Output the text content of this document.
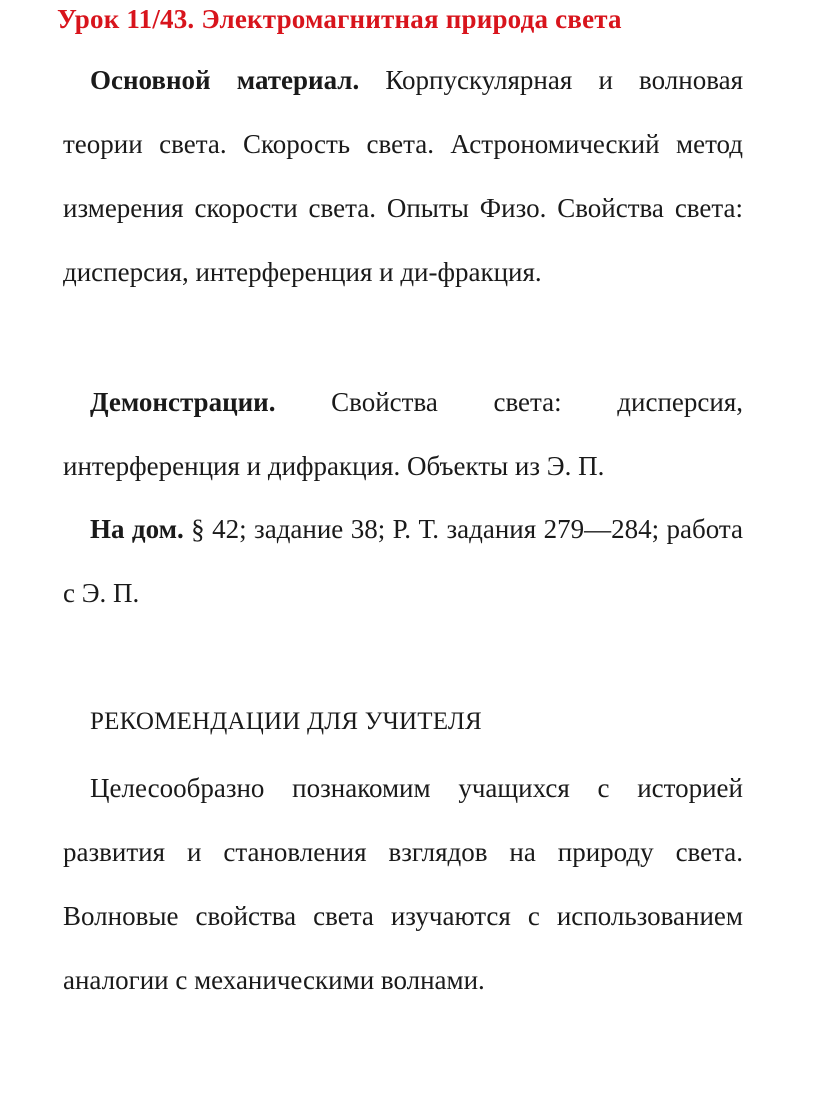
Урок 11/43. Электромагнитная природа света
Основной материал. Корпускулярная и волновая теории света. Скорость света. Астрономический метод измерения скорости света. Опыты Физо. Свойства света: дисперсия, интерференция и ди-фракция.
Демонстрации. Свойства света: дисперсия, интерференция и дифракция. Объекты из Э. П.
На дом. § 42; задание 38; Р. Т. задания 279—284; работа с Э. П.
РЕКОМЕНДАЦИИ ДЛЯ УЧИТЕЛЯ
Целесообразно познакомим учащихся с историей развития и становления взглядов на природу света. Волновые свойства света изучаются с использованием аналогии с механическими волнами.
